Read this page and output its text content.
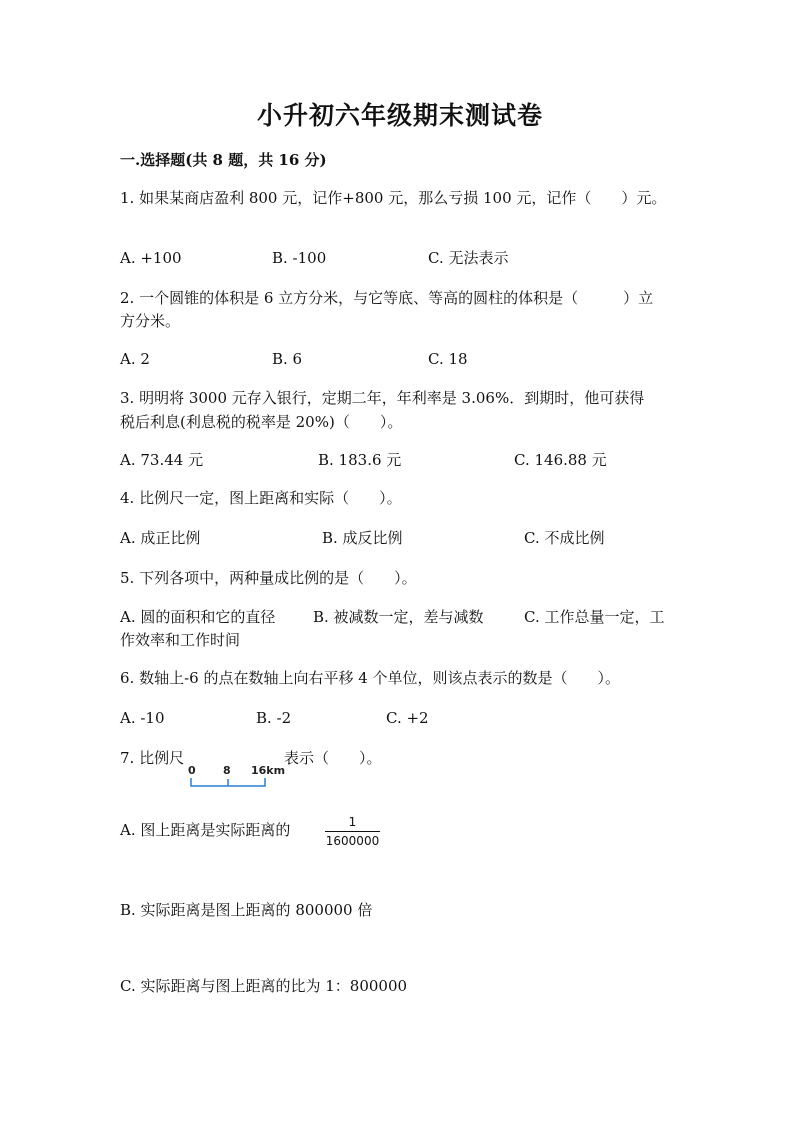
小升初六年级期末测试卷
一.选择题(共 8 题，共 16 分)
1. 如果某商店盈利 800 元，记作+800 元，那么亏损 100 元，记作（　　）元。
A. +100	B. -100	C. 无法表示
2. 一个圆锥的体积是 6 立方分米，与它等底、等高的圆柱的体积是（　　　）立
方分米。
A. 2	B. 6	C. 18
3. 明明将 3000 元存入银行，定期二年，年利率是 3.06%．到期时，他可获得
税后利息(利息税的税率是 20%)（　　）。
A. 73.44 元	B. 183.6 元	C. 146.88 元
4. 比例尺一定，图上距离和实际（　　）。
A. 成正比例	B. 成反比例	C. 不成比例
5. 下列各项中，两种量成比例的是（　　）。
A. 圆的面积和它的直径	B. 被减数一定，差与减数	C. 工作总量一定，工
作效率和工作时间
6. 数轴上-6 的点在数轴上向右平移 4 个单位，则该点表示的数是（　　）。
A. -10	B. -2	C. +2
7. 比例尺
0 8 16km
表示（　　）。
A. 图上距离是实际距离的	1
1600000
B. 实际距离是图上距离的 800000 倍
C. 实际距离与图上距离的比为 1：800000
